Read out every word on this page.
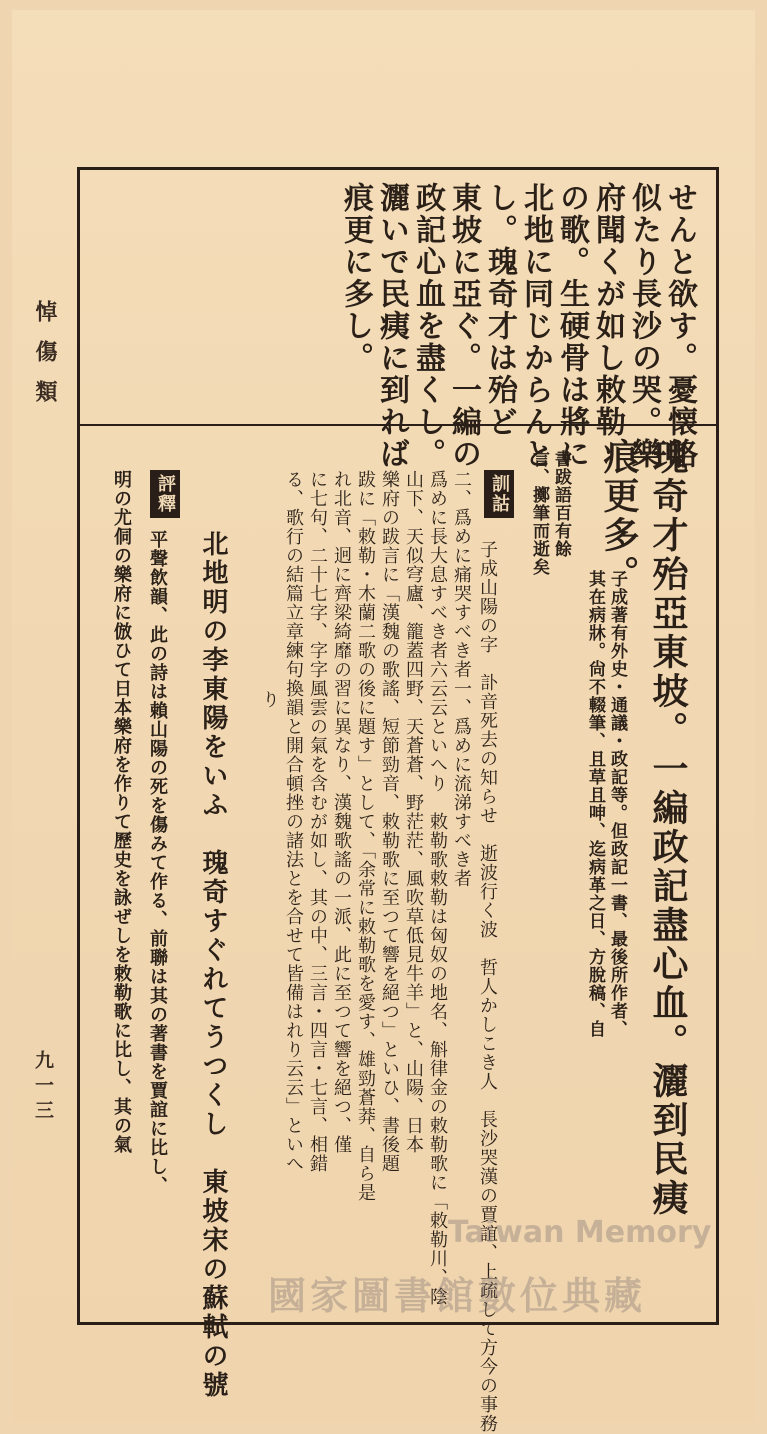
悼傷類
九一三
せんと欲す。憂懐略
似たり長沙の哭。樂
府聞くが如し敕勒
の歌。生硬骨は將に
北地に同じからんと
し。瑰奇才は殆ど
東坡に亞ぐ。一編の
政記心血を盡くし。
灑いで民痍に到れば
痕更に多し。
瑰奇才殆亞東坡。一編政記盡心血。灑到民痍
痕更多。
子成著有外史・通議・政記等。但政記一書、最後所作者、
其在病牀。尙不輟筆、且草且呻、迄病革之日、方脫稿、自
書跋語百有餘
言、擲筆而逝矣
訓詁
子成山陽の字　訃音死去の知らせ　逝波行く波　哲人かしこき人　長沙哭漢の賈誼、上疏して方今の事務
二、爲めに痛哭すべき者一、爲めに流涕すべき者
爲めに長大息すべき者六云云といへり　敕勒歌敕勒は匈奴の地名、斛律金の敕勒歌に「敕勒川、陰
山下、天似穹廬、籠蓋四野、天蒼蒼、野茫茫、風吹草低見牛羊」と、山陽、日本
樂府の跋言に「漢魏の歌謠、短節勁音、敕勒歌に至つて響を絕つ」といひ、書後題
跋に「敕勒・木蘭二歌の後に題す」として、「余常に敕勒歌を愛す、雄勁蒼莽、自ら是
れ北音、迥に齊梁綺靡の習に異なり、漢魏歌謠の一派、此に至つて響を絕つ、僅
に七句、二十七字、字字風雲の氣を含むが如し、其の中、三言・四言・七言、相錯
る、歌行の結篇立章練句換韻と開合頓挫の諸法とを合せて皆備はれり云云」といへ
り
北地明の李東陽をいふ　瑰奇すぐれてうつくし　東坡宋の蘇軾の號
評釋
平聲飲韻、此の詩は賴山陽の死を傷みて作る、前聯は其の著書を賈誼に比し、
明の尤侗の樂府に倣ひて日本樂府を作りて歷史を詠ぜしを敕勒歌に比し、其の氣
Taiwan Memory
國家圖書館數位典藏
